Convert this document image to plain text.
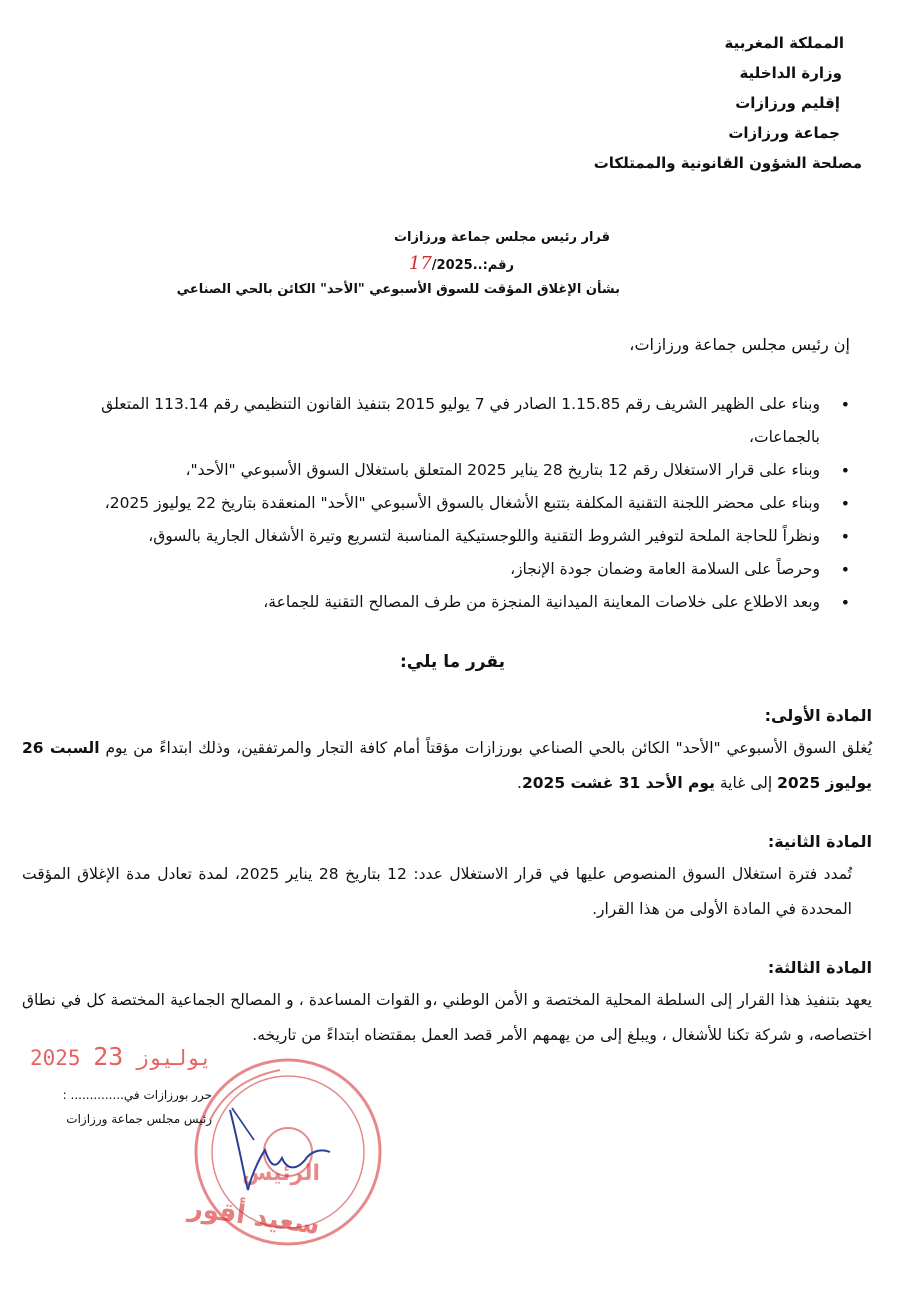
المملكة المغربية
وزارة الداخلية
إقليم ورزازات
جماعة ورزازات
مصلحة الشؤون القانونية والممتلكات
قرار رئيس مجلس جماعة ورزازات
رقم:..17/2025
بشأن الإغلاق المؤقت للسوق الأسبوعي "الأحد" الكائن بالحي الصناعي
إن رئيس مجلس جماعة ورزازات،
• وبناء على الظهير الشريف رقم 1.15.85 الصادر في 7 يوليو 2015 بتنفيذ القانون التنظيمي رقم 113.14 المتعلق بالجماعات،
• وبناء على قرار الاستغلال رقم 12 بتاريخ 28 يناير 2025 المتعلق باستغلال السوق الأسبوعي "الأحد"،
• وبناء على محضر اللجنة التقنية المكلفة بتتبع الأشغال بالسوق الأسبوعي "الأحد" المنعقدة بتاريخ 22 يوليوز 2025،
• ونظراً للحاجة الملحة لتوفير الشروط التقنية واللوجستيكية المناسبة لتسريع وتيرة الأشغال الجارية بالسوق،
• وحرصاً على السلامة العامة وضمان جودة الإنجاز،
• وبعد الاطلاع على خلاصات المعاينة الميدانية المنجزة من طرف المصالح التقنية للجماعة،
يقرر ما يلي:
المادة الأولى:
يُغلق السوق الأسبوعي "الأحد" الكائن بالحي الصناعي بورزازات مؤقتاً أمام كافة التجار والمرتفقين، وذلك ابتداءً من يوم السبت 26 يوليوز 2025 إلى غاية يوم الأحد 31 غشت 2025.
المادة الثانية:
تُمدد فترة استغلال السوق المنصوص عليها في قرار الاستغلال عدد: 12 بتاريخ 28 يناير 2025، لمدة تعادل مدة الإغلاق المؤقت المحددة في المادة الأولى من هذا القرار.
المادة الثالثة:
يعهد بتنفيذ هذا القرار إلى السلطة المحلية المختصة و الأمن الوطني ،و القوات المساعدة ، و المصالح الجماعية المختصة كل في نطاق اختصاصه، و شركة تكنا للأشغال ، ويبلغ إلى من يهمهم الأمر قصد العمل بمقتضاه ابتداءً من تاريخه.
2025	يوليوز 23
الرئيس
سعيد أقور
حرر بورزازات في.............. :
رئيس مجلس جماعة ورزازات
